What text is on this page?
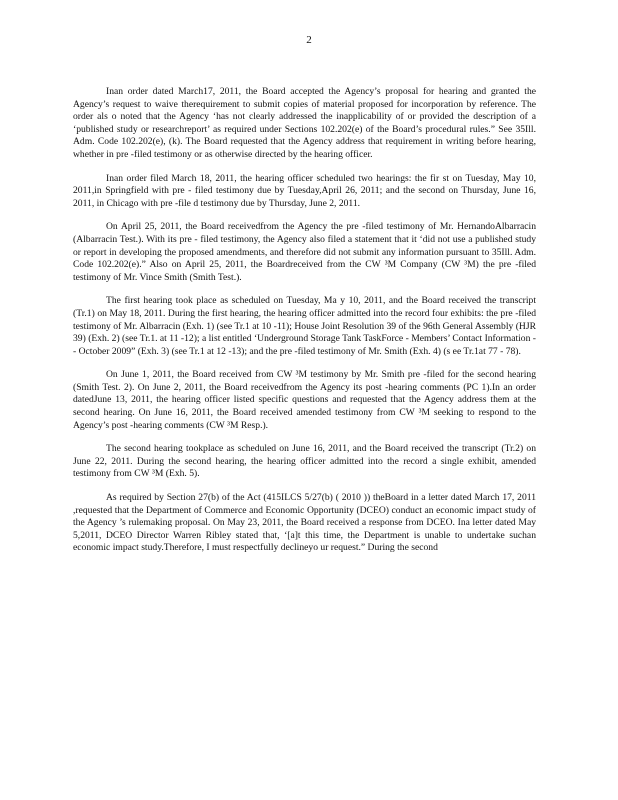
2

Inan order dated March17, 2011, the Board accepted the Agency’s proposal for hearing and granted the Agency’s request to waive therequirement to submit copies of material proposed for incorporation by reference. The order als o noted that the Agency ‘has not clearly addressed the inapplicability of or provided the description of a ‘published study or researchreport’ as required under Sections 102.202(e) of the Board’s procedural rules.” See 35Ill. Adm. Code 102.202(e), (k). The Board requested that the Agency address that requirement in writing before hearing, whether in pre -filed testimony or as otherwise directed by the hearing officer.

Inan order filed March 18, 2011, the hearing officer scheduled two hearings: the fir st on Tuesday, May 10, 2011,in Springfield with pre - filed testimony due by Tuesday,April 26, 2011; and the second on Thursday, June 16, 2011, in Chicago with pre -file d testimony due by Thursday, June 2, 2011.

On April 25, 2011, the Board receivedfrom the Agency the pre -filed testimony of Mr. HernandoAlbarracin (Albarracin Test.). With its pre - filed testimony, the Agency also filed a statement that it ‘did not use a published study or report in developing the proposed amendments, and therefore did not submit any information pursuant to 35Ill. Adm. Code 102.202(e).” Also on April 25, 2011, the Boardreceived from the CW ³M Company (CW ³M) the pre -filed testimony of Mr. Vince Smith (Smith Test.).

The first hearing took place as scheduled on Tuesday, Ma y 10, 2011, and the Board received the transcript (Tr.1) on May 18, 2011. During the first hearing, the hearing officer admitted into the record four exhibits: the pre -filed testimony of Mr. Albarracin (Exh. 1) (see Tr.1 at 10 -11); House Joint Resolution 39 of the 96th General Assembly (HJR 39) (Exh. 2) (see Tr.1. at 11 -12); a list entitled ‘Underground Storage Tank TaskForce - Members’ Contact Information -- October 2009” (Exh. 3) (see Tr.1 at 12 -13); and the pre -filed testimony of Mr. Smith (Exh. 4) (s ee Tr.1at 77 - 78).

On June 1, 2011, the Board received from CW ³M testimony by Mr. Smith pre -filed for the second hearing (Smith Test. 2). On June 2, 2011, the Board receivedfrom the Agency its post -hearing comments (PC 1).In an order datedJune 13, 2011, the hearing officer listed specific questions and requested that the Agency address them at the second hearing. On June 16, 2011, the Board received amended testimony from CW ³M seeking to respond to the Agency’s post -hearing comments (CW ³M Resp.).

The second hearing tookplace as scheduled on June 16, 2011, and the Board received the transcript (Tr.2) on June 22, 2011. During the second hearing, the hearing officer admitted into the record a single exhibit, amended testimony from CW ³M (Exh. 5).

As required by Section 27(b) of the Act (415ILCS 5/27(b) ( 2010 )) theBoard in a letter dated March 17, 2011 ,requested that the Department of Commerce and Economic Opportunity (DCEO) conduct an economic impact study of the Agency ’s rulemaking proposal. On May 23, 2011, the Board received a response from DCEO. Ina letter dated May 5,2011, DCEO Director Warren Ribley stated that, ‘[a]t this time, the Department is unable to undertake suchan economic impact study.Therefore, I must respectfully declineyo ur request.” During the second
